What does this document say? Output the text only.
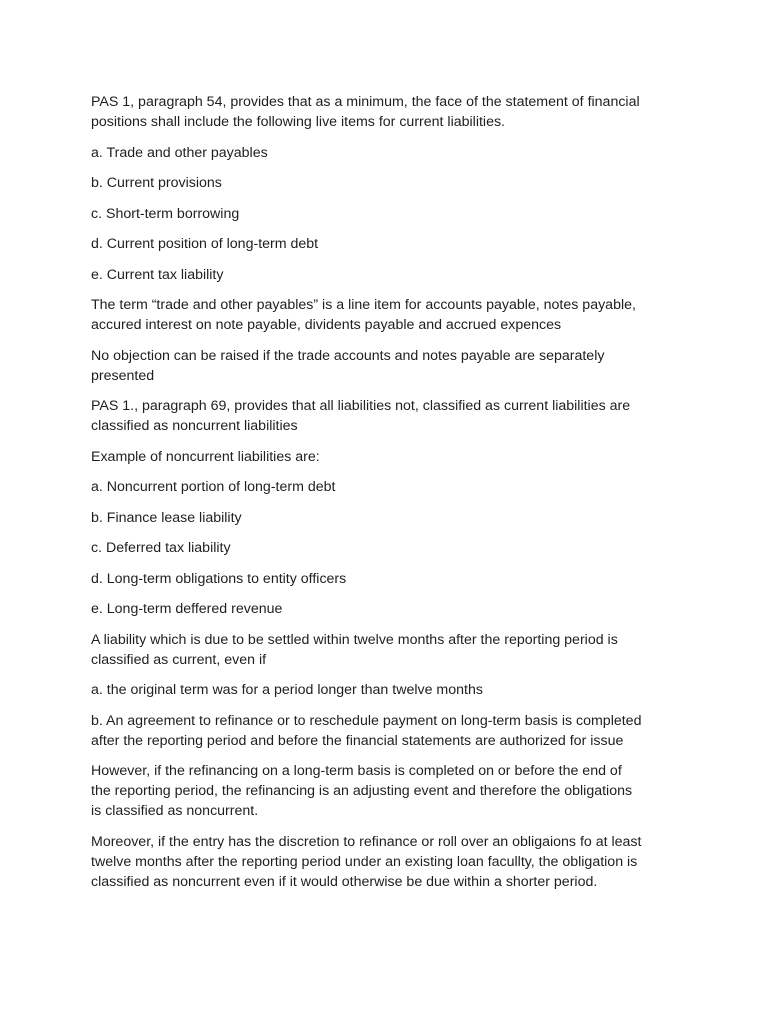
PAS 1, paragraph 54, provides that as a minimum, the face of the statement of financial
positions shall include the following live items for current liabilities.

a. Trade and other payables

b. Current provisions

c. Short-term borrowing

d. Current position of long-term debt

e. Current tax liability

The term “trade and other payables” is a line item for accounts payable, notes payable,
accured interest on note payable, dividents payable and accrued expences

No objection can be raised if the trade accounts and notes payable are separately
presented

PAS 1., paragraph 69, provides that all liabilities not, classified as current liabilities are
classified as noncurrent liabilities

Example of noncurrent liabilities are:

a. Noncurrent portion of long-term debt

b. Finance lease liability

c. Deferred tax liability

d. Long-term obligations to entity officers

e. Long-term deffered revenue

A liability which is due to be settled within twelve months after the reporting period is
classified as current, even if

a. the original term was for a period longer than twelve months

b. An agreement to refinance or to reschedule payment on long-term basis is completed
after the reporting period and before the financial statements are authorized for issue

However, if the refinancing on a long-term basis is completed on or before the end of
the reporting period, the refinancing is an adjusting event and therefore the obligations
is classified as noncurrent.

Moreover, if the entry has the discretion to refinance or roll over an obligaions fo at least
twelve months after the reporting period under an existing loan facullty, the obligation is
classified as noncurrent even if it would otherwise be due within a shorter period.
